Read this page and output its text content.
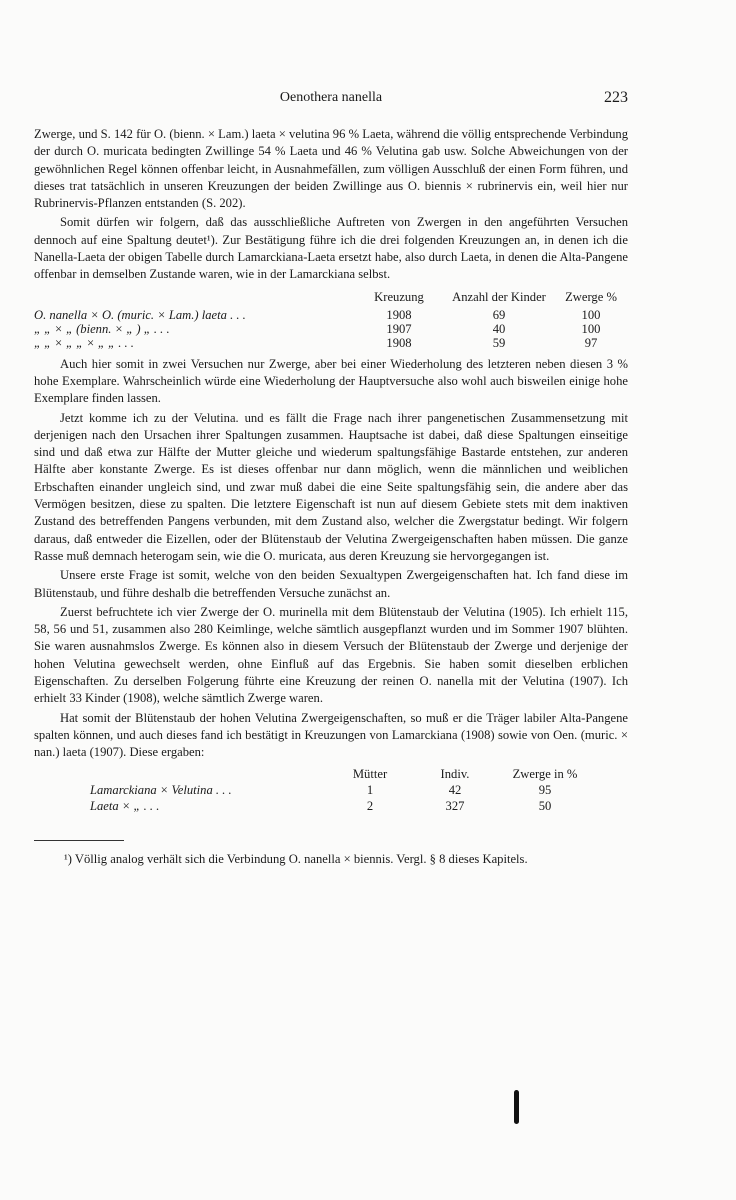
Oenothera nanella	223

Zwerge, und S. 142 für O. (bienn. × Lam.) laeta × velutina 96 % Laeta, während die völlig entsprechende Verbindung der durch O. muricata bedingten Zwillinge 54 % Laeta und 46 % Velutina gab usw. Solche Abweichungen von der gewöhnlichen Regel können offenbar leicht, in Ausnahmefällen, zum völligen Ausschluß der einen Form führen, und dieses trat tatsächlich in unseren Kreuzungen der beiden Zwillinge aus O. biennis × rubrinervis ein, weil hier nur Rubrinervis-Pflanzen entstanden (S. 202).

Somit dürfen wir folgern, daß das ausschließliche Auftreten von Zwergen in den angeführten Versuchen dennoch auf eine Spaltung deutet¹). Zur Bestätigung führe ich die drei folgenden Kreuzungen an, in denen ich die Nanella-Laeta der obigen Tabelle durch Lamarckiana-Laeta ersetzt habe, also durch Laeta, in denen die Alta-Pangene offenbar in demselben Zustande waren, wie in der Lamarckiana selbst.

	Kreuzung	Anzahl der Kinder	Zwerge %
O. nanella × O. (muric. × Lam.) laeta . . .	1908	69	100
„ „ × „ (bienn. × „ ) „ . . .	1907	40	100
„ „ × „ „ × „ „ . . .	1908	59	97

Auch hier somit in zwei Versuchen nur Zwerge, aber bei einer Wiederholung des letzteren neben diesen 3 % hohe Exemplare. Wahrscheinlich würde eine Wiederholung der Hauptversuche also wohl auch bisweilen einige hohe Exemplare finden lassen.

Jetzt komme ich zu der Velutina. und es fällt die Frage nach ihrer pangenetischen Zusammensetzung mit derjenigen nach den Ursachen ihrer Spaltungen zusammen. Hauptsache ist dabei, daß diese Spaltungen einseitige sind und daß etwa zur Hälfte der Mutter gleiche und wiederum spaltungsfähige Bastarde entstehen, zur anderen Hälfte aber konstante Zwerge. Es ist dieses offenbar nur dann möglich, wenn die männlichen und weiblichen Erbschaften einander ungleich sind, und zwar muß dabei die eine Seite spaltungsfähig sein, die andere aber das Vermögen besitzen, diese zu spalten. Die letztere Eigenschaft ist nun auf diesem Gebiete stets mit dem inaktiven Zustand des betreffenden Pangens verbunden, mit dem Zustand also, welcher die Zwergstatur bedingt. Wir folgern daraus, daß entweder die Eizellen, oder der Blütenstaub der Velutina Zwergeigenschaften haben müssen. Die ganze Rasse muß demnach heterogam sein, wie die O. muricata, aus deren Kreuzung sie hervorgegangen ist.

Unsere erste Frage ist somit, welche von den beiden Sexualtypen Zwergeigenschaften hat. Ich fand diese im Blütenstaub, und führe deshalb die betreffenden Versuche zunächst an.

Zuerst befruchtete ich vier Zwerge der O. murinella mit dem Blütenstaub der Velutina (1905). Ich erhielt 115, 58, 56 und 51, zusammen also 280 Keimlinge, welche sämtlich ausgepflanzt wurden und im Sommer 1907 blühten. Sie waren ausnahmslos Zwerge. Es können also in diesem Versuch der Blütenstaub der Zwerge und derjenige der hohen Velutina gewechselt werden, ohne Einfluß auf das Ergebnis. Sie haben somit dieselben erblichen Eigenschaften. Zu derselben Folgerung führte eine Kreuzung der reinen O. nanella mit der Velutina (1907). Ich erhielt 33 Kinder (1908), welche sämtlich Zwerge waren.

Hat somit der Blütenstaub der hohen Velutina Zwergeigenschaften, so muß er die Träger labiler Alta-Pangene spalten können, und auch dieses fand ich bestätigt in Kreuzungen von Lamarckiana (1908) sowie von Oen. (muric. × nan.) laeta (1907). Diese ergaben:

	Mütter	Indiv.	Zwerge in %
Lamarckiana × Velutina . . .	1	42	95
Laeta × „ . . .	2	327	50

¹) Völlig analog verhält sich die Verbindung O. nanella × biennis. Vergl. § 8 dieses Kapitels.
